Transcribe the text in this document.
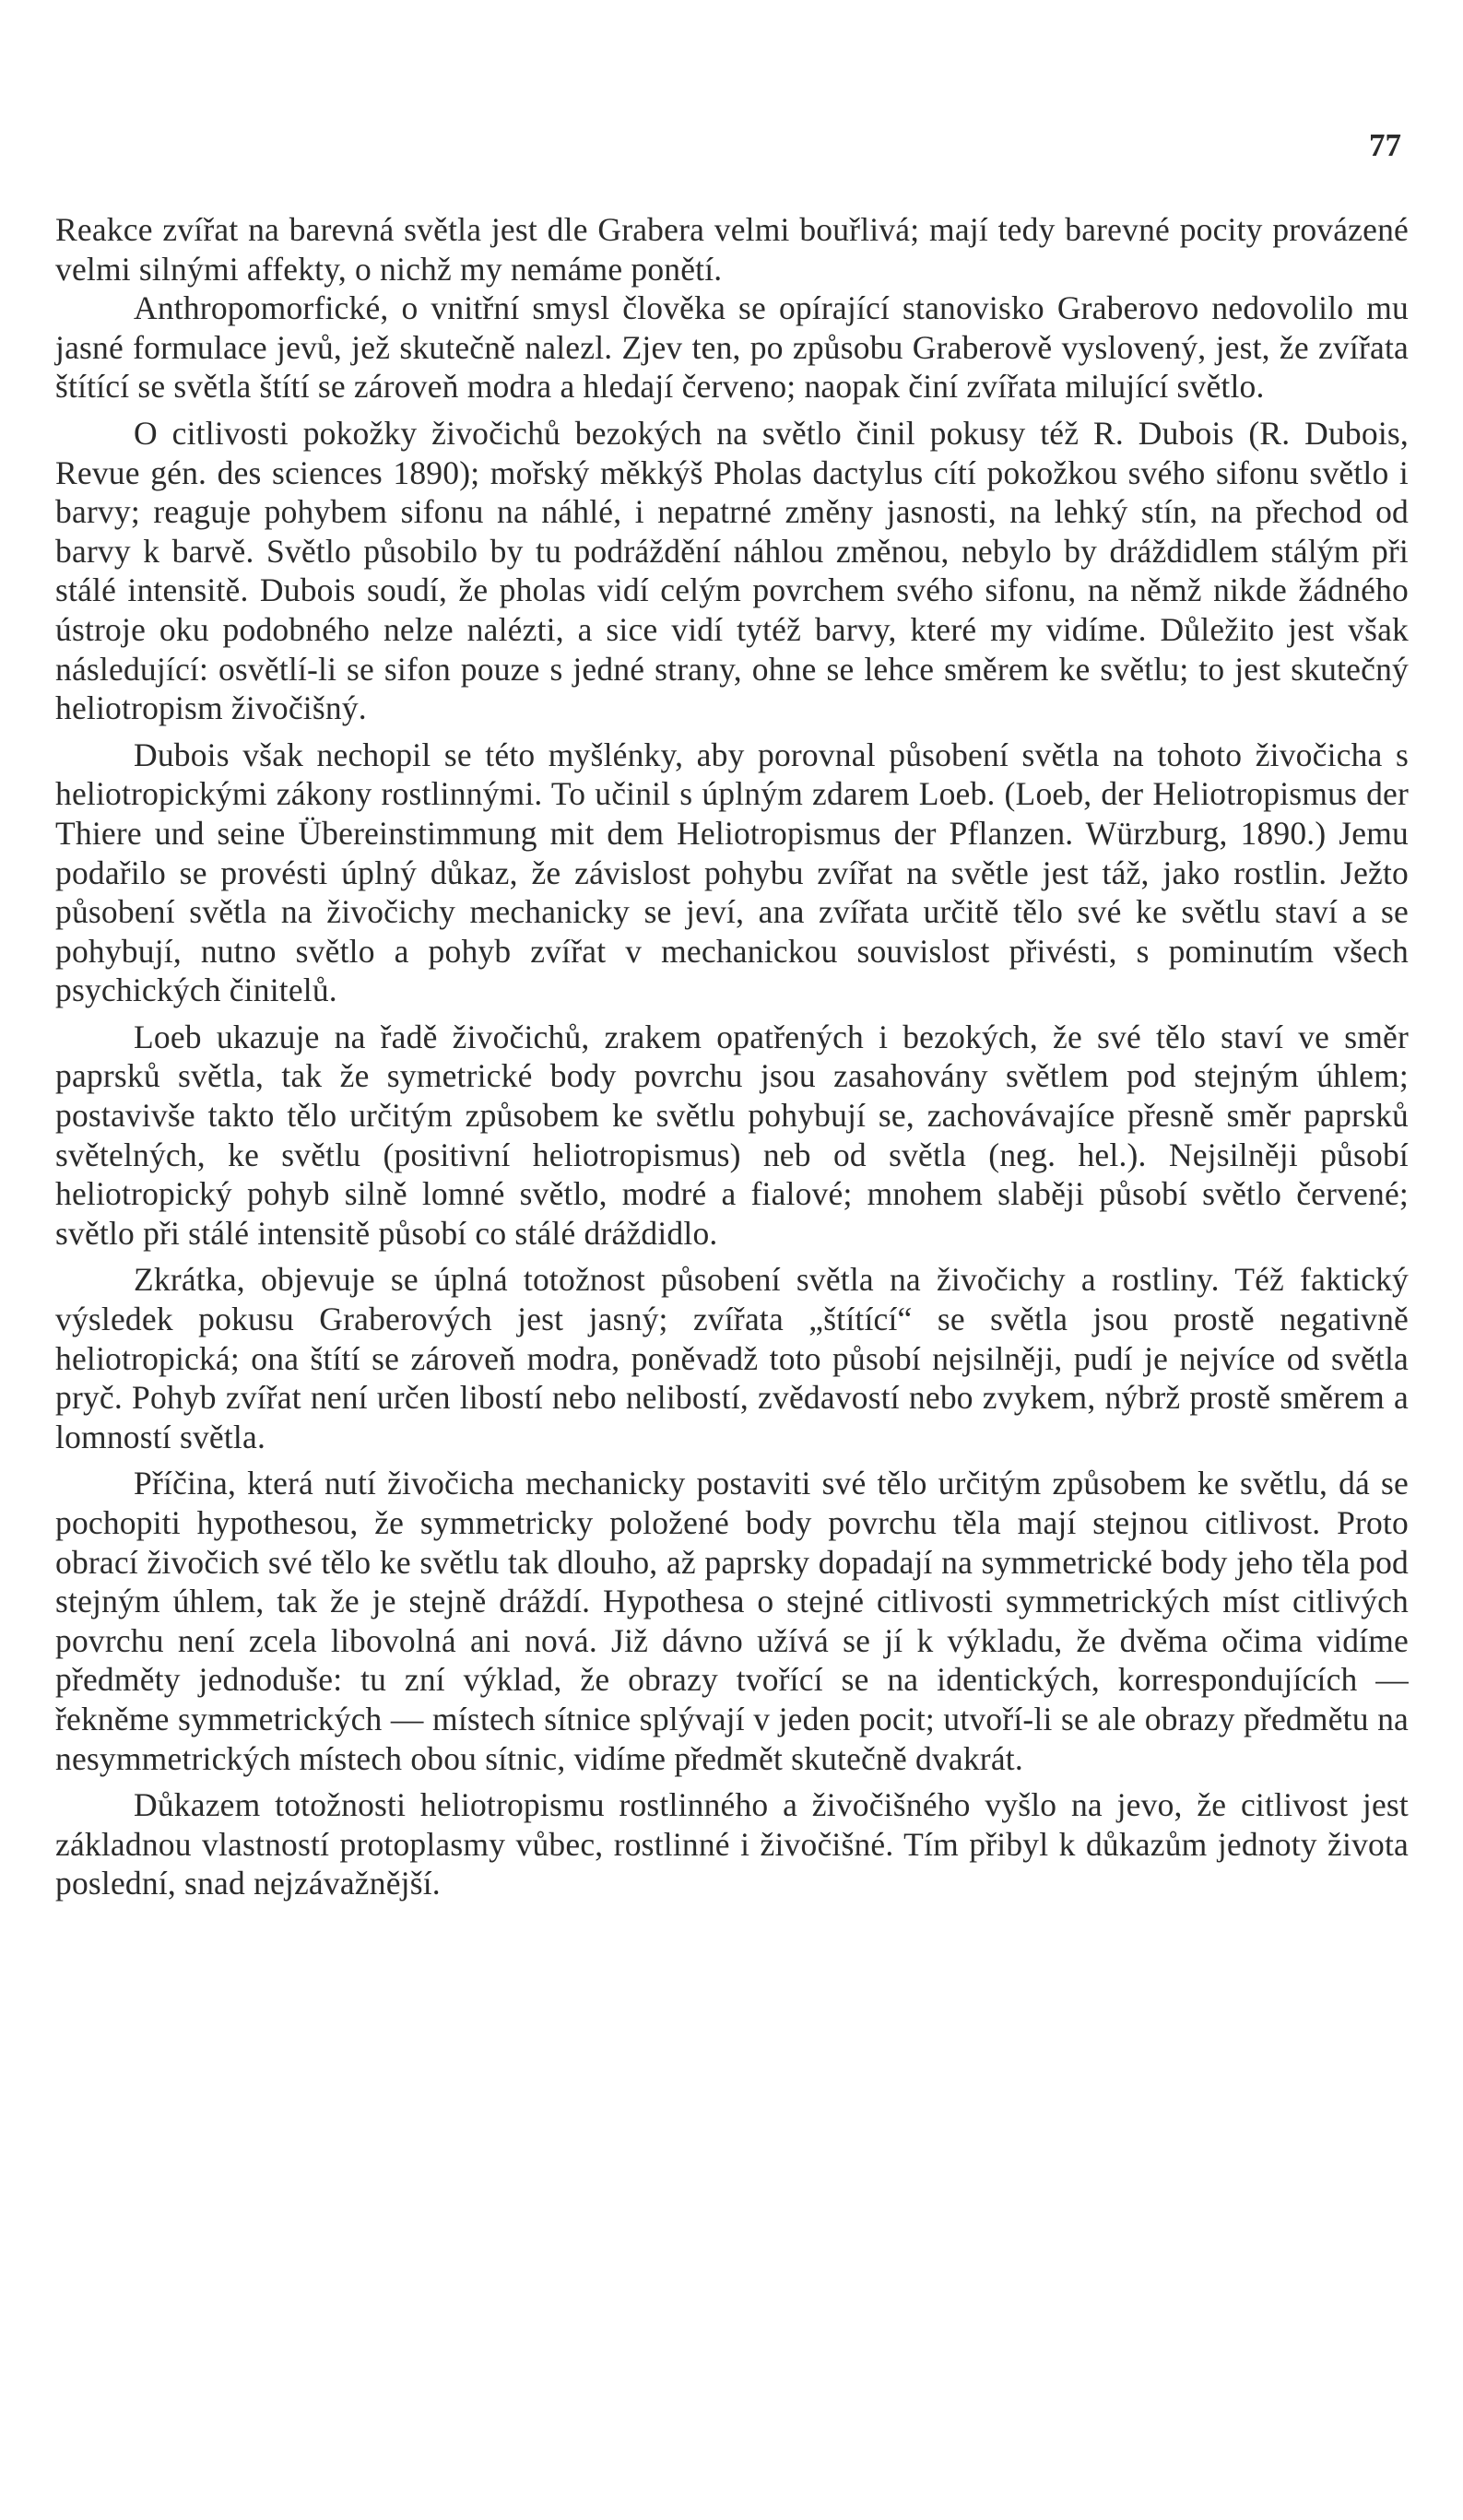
77

Reakce zvířat na barevná světla jest dle Grabera velmi bouřlivá; mají tedy barevné pocity provázené velmi silnými affekty, o nichž my nemáme ponětí.

Anthropomorfické, o vnitřní smysl člověka se opírající stanovisko Graberovo nedovolilo mu jasné formulace jevů, jež skutečně nalezl. Zjev ten, po způsobu Graberově vyslovený, jest, že zvířata štítící se světla štítí se zároveň modra a hledají červeno; naopak činí zvířata milující světlo.

O citlivosti pokožky živočichů bezokých na světlo činil pokusy též R. Dubois (R. Dubois, Revue gén. des sciences 1890); mořský měkkýš Pholas dactylus cítí pokožkou svého sifonu světlo i barvy; reaguje pohybem sifonu na náhlé, i nepatrné změny jasnosti, na lehký stín, na přechod od barvy k barvě. Světlo působilo by tu podráždění náhlou změnou, nebylo by dráždidlem stálým při stálé intensitě. Dubois soudí, že pholas vidí celým povrchem svého sifonu, na němž nikde žádného ústroje oku podobného nelze nalézti, a sice vidí tytéž barvy, které my vidíme. Důležito jest však následující: osvětlí-li se sifon pouze s jedné strany, ohne se lehce směrem ke světlu; to jest skutečný heliotropism živočišný.

Dubois však nechopil se této myšlénky, aby porovnal působení světla na tohoto živočicha s heliotropickými zákony rostlinnými. To učinil s úplným zdarem Loeb. (Loeb, der Heliotropismus der Thiere und seine Übereinstimmung mit dem Heliotropismus der Pflanzen. Würzburg, 1890.) Jemu podařilo se provésti úplný důkaz, že závislost pohybu zvířat na světle jest táž, jako rostlin. Ježto působení světla na živočichy mechanicky se jeví, ana zvířata určitě tělo své ke světlu staví a se pohybují, nutno světlo a pohyb zvířat v mechanickou souvislost přivésti, s pominutím všech psychických činitelů.

Loeb ukazuje na řadě živočichů, zrakem opatřených i bezokých, že své tělo staví ve směr paprsků světla, tak že symetrické body povrchu jsou zasahovány světlem pod stejným úhlem; postavivše takto tělo určitým způsobem ke světlu pohybují se, zachovávajíce přesně směr paprsků světelných, ke světlu (positivní heliotropismus) neb od světla (neg. hel.). Nejsilněji působí heliotropický pohyb silně lomné světlo, modré a fialové; mnohem slaběji působí světlo červené; světlo při stálé intensitě působí co stálé dráždidlo.

Zkrátka, objevuje se úplná totožnost působení světla na živočichy a rostliny. Též faktický výsledek pokusu Graberových jest jasný; zvířata „štítící“ se světla jsou prostě negativně heliotropická; ona štítí se zároveň modra, poněvadž toto působí nejsilněji, pudí je nejvíce od světla pryč. Pohyb zvířat není určen libostí nebo nelibostí, zvědavostí nebo zvykem, nýbrž prostě směrem a lomností světla.

Příčina, která nutí živočicha mechanicky postaviti své tělo určitým způsobem ke světlu, dá se pochopiti hypothesou, že symmetricky položené body povrchu těla mají stejnou citlivost. Proto obrací živočich své tělo ke světlu tak dlouho, až paprsky dopadají na symmetrické body jeho těla pod stejným úhlem, tak že je stejně dráždí. Hypothesa o stejné citlivosti symmetrických míst citlivých povrchu není zcela libovolná ani nová. Již dávno užívá se jí k výkladu, že dvěma očima vidíme předměty jednoduše: tu zní výklad, že obrazy tvořící se na identických, korrespondujících — řekněme symmetrických — místech sítnice splývají v jeden pocit; utvoří-li se ale obrazy předmětu na nesymmetrických místech obou sítnic, vidíme předmět skutečně dvakrát.

Důkazem totožnosti heliotropismu rostlinného a živočišného vyšlo na jevo, že citlivost jest základnou vlastností protoplasmy vůbec, rostlinné i živočišné. Tím přibyl k důkazům jednoty života poslední, snad nejzávažnější.
